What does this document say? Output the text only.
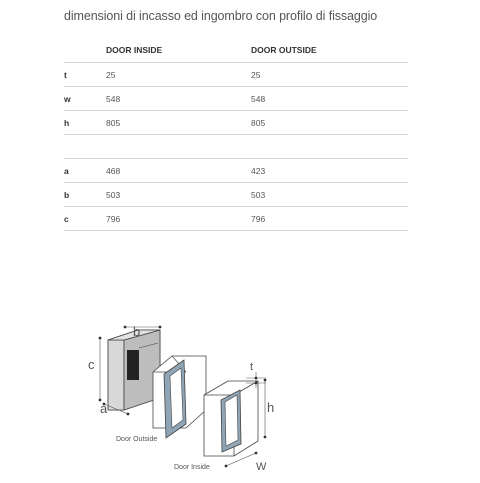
dimensioni di incasso ed ingombro con profilo di fissaggio
	DOOR INSIDE	DOOR OUTSIDE
t	25	25
w	548	548
h	805	805

a	468	423
b	503	503
c	796	796
b
c
a
Door Outside
Door Inside
t
h
W
